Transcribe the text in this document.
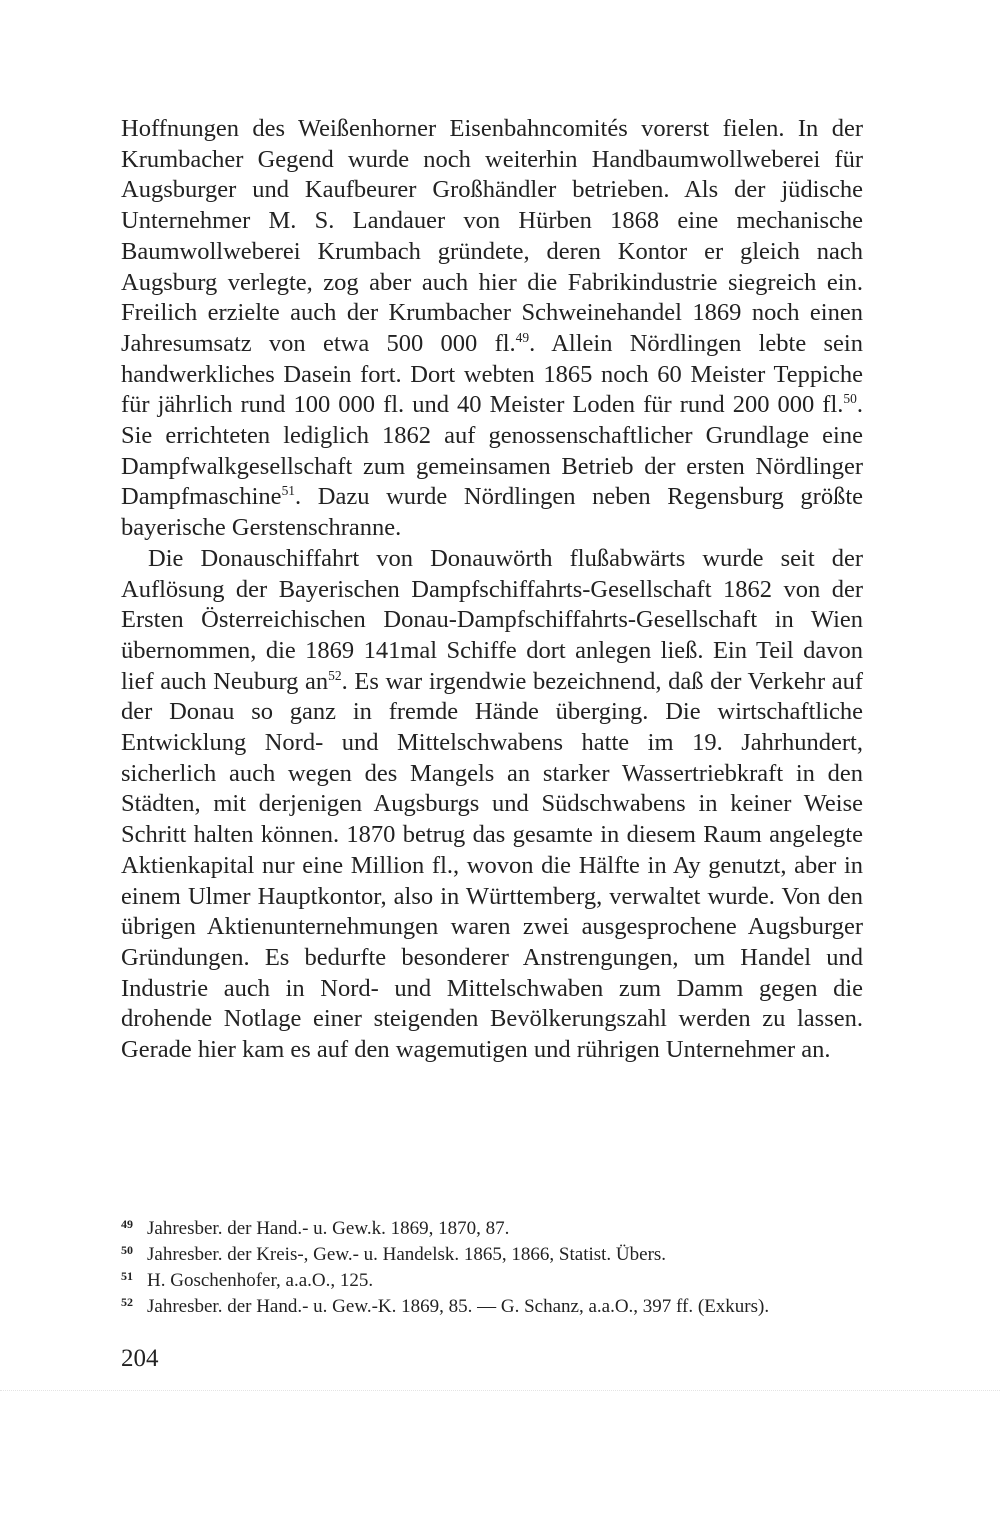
Hoffnungen des Weißenhorner Eisenbahncomités vorerst fielen. In der Krumbacher Gegend wurde noch weiterhin Handbaumwollweberei für Augsburger und Kaufbeurer Großhändler betrieben. Als der jüdische Unternehmer M. S. Landauer von Hürben 1868 eine mechanische Baumwollweberei Krumbach gründete, deren Kontor er gleich nach Augsburg verlegte, zog aber auch hier die Fabrikindustrie siegreich ein. Freilich erzielte auch der Krumbacher Schweinehandel 1869 noch einen Jahresumsatz von etwa 500 000 fl.$^{49}$. Allein Nördlingen lebte sein handwerkliches Dasein fort. Dort webten 1865 noch 60 Meister Teppiche für jährlich rund 100 000 fl. und 40 Meister Loden für rund 200 000 fl.$^{50}$. Sie errichteten lediglich 1862 auf genossenschaftlicher Grundlage eine Dampfwalkgesellschaft zum gemeinsamen Betrieb der ersten Nördlinger Dampfmaschine$^{51}$. Dazu wurde Nördlingen neben Regensburg größte bayerische Gerstenschranne.

Die Donauschiffahrt von Donauwörth flußabwärts wurde seit der Auflösung der Bayerischen Dampfschiffahrts-Gesellschaft 1862 von der Ersten Österreichischen Donau-Dampfschiffahrts-Gesellschaft in Wien übernommen, die 1869 141mal Schiffe dort anlegen ließ. Ein Teil davon lief auch Neuburg $an^{52}$. Es war irgendwie bezeichnend, daß der Verkehr auf der Donau so ganz in fremde Hände überging. Die wirtschaftliche Entwicklung Nord- und Mittelschwabens hatte im 19. Jahrhundert, sicherlich auch wegen des Mangels an starker Wassertriebkraft in den Städten, mit derjenigen Augsburgs und Südschwabens in keiner Weise Schritt halten können. 1870 betrug das gesamte in diesem Raum angelegte Aktienkapital nur eine Million fl., wovon die Hälfte in Ay genutzt, aber in einem Ulmer Hauptkontor, also in Württemberg, verwaltet wurde. Von den übrigen Aktienunternehmungen waren zwei ausgesprochene Augsburger Gründungen. Es bedurfte besonderer Anstrengungen, um Handel und Industrie auch in Nord- und Mittelschwaben zum Damm gegen die drohende Notlage einer steigenden Bevölkerungszahl werden zu lassen. Gerade hier kam es auf den wagemutigen und rührigen Unternehmer an.

49 Jahresber. der Hand.- u. Gew.k. 1869, 1870, 87.
50 Jahresber. der Kreis-, Gew.- u. Handelsk. 1865, 1866, Statist. Übers.
51 H. Goschenhofer, a.a.O., 125.
52 Jahresber. der Hand.- u. Gew.-K. 1869, 85. — G. Schanz, a.a.O., 397 ff. (Exkurs).
204
